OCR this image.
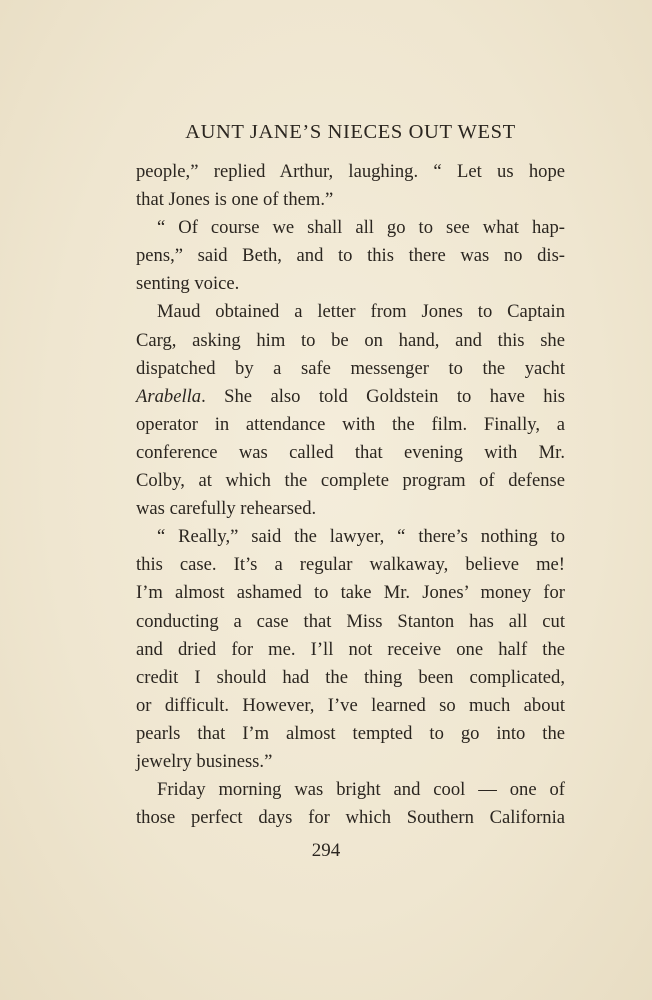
AUNT JANE’S NIECES OUT WEST
people,” replied Arthur, laughing. “ Let us hope
that Jones is one of them.”
“ Of course we shall all go to see what hap-
pens,” said Beth, and to this there was no dis-
senting voice.
Maud obtained a letter from Jones to Captain
Carg, asking him to be on hand, and this she
dispatched by a safe messenger to the yacht
Arabella. She also told Goldstein to have his
operator in attendance with the film. Finally, a
conference was called that evening with Mr.
Colby, at which the complete program of defense
was carefully rehearsed.
“ Really,” said the lawyer, “ there’s nothing to
this case. It’s a regular walkaway, believe me!
I’m almost ashamed to take Mr. Jones’ money for
conducting a case that Miss Stanton has all cut
and dried for me. I’ll not receive one half the
credit I should had the thing been complicated,
or difficult. However, I’ve learned so much about
pearls that I’m almost tempted to go into the
jewelry business.”
Friday morning was bright and cool — one of
those perfect days for which Southern California
294
